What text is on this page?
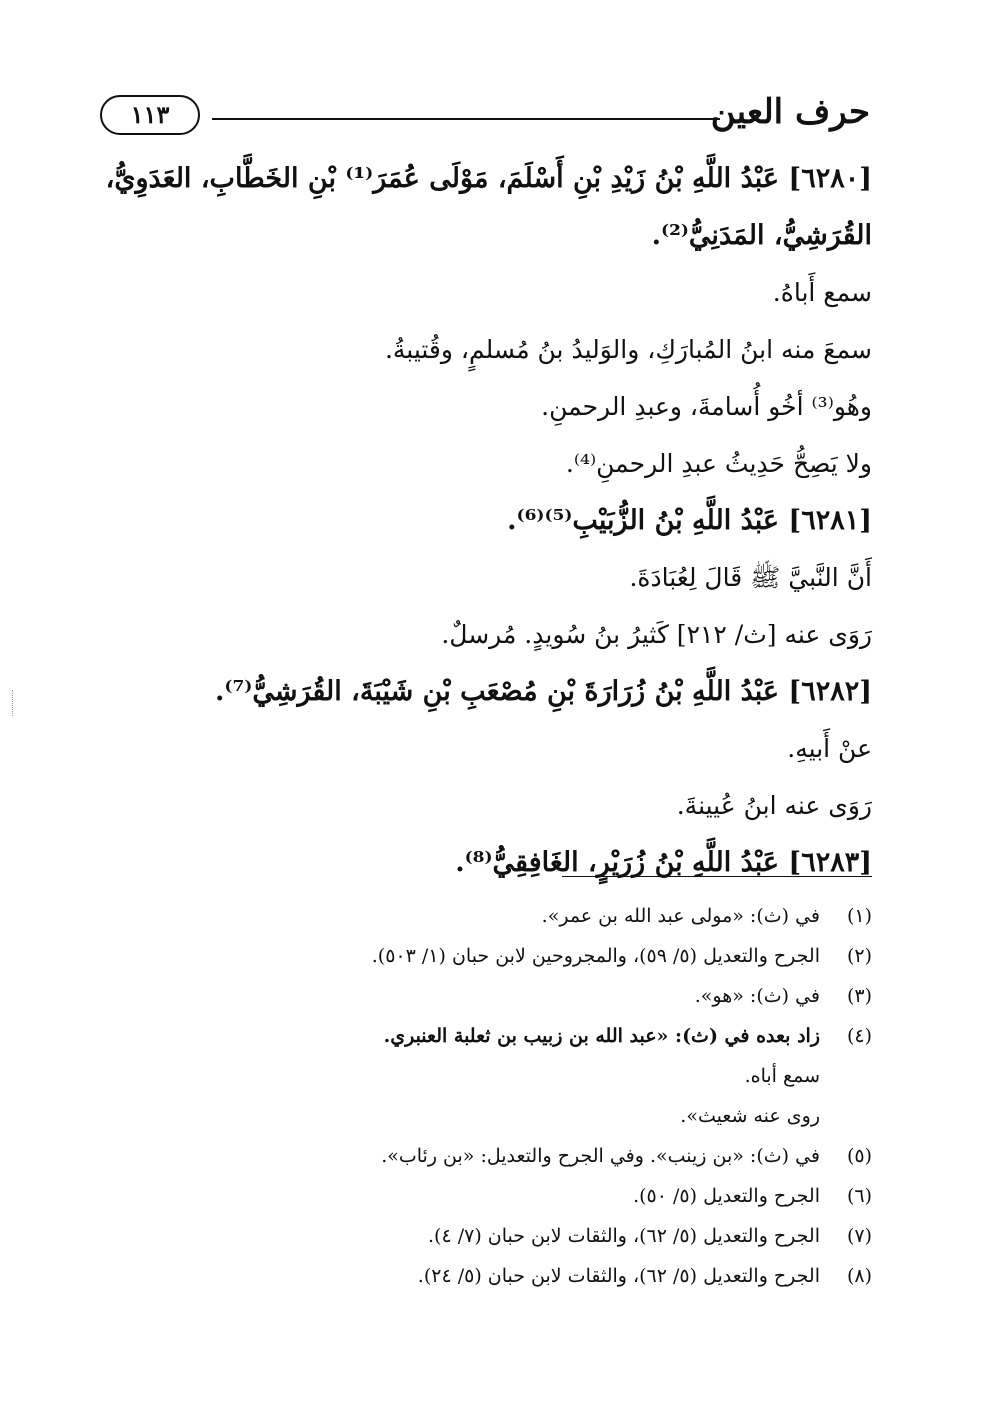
حرف العين
١١٣
[٦٢٨٠] عَبْدُ اللَّهِ بْنُ زَيْدِ بْنِ أَسْلَمَ، مَوْلَى عُمَرَ⁽¹⁾ بْنِ الخَطَّابِ، العَدَوِيُّ،
القُرَشِيُّ، المَدَنِيُّ⁽²⁾.
سمع أَباهُ.
سمعَ منه ابنُ المُبارَكِ، والوَليدُ بنُ مُسلمٍ، وقُتيبةُ.
وهُو⁽³⁾ أخُو أُسامةَ، وعبدِ الرحمنِ.
ولا يَصِحُّ حَدِيثُ عبدِ الرحمنِ⁽⁴⁾.
[٦٢٨١] عَبْدُ اللَّهِ بْنُ الزُّبَيْبِ⁽⁵⁾⁽⁶⁾.
أَنَّ النَّبيَّ ﷺ قَالَ لِعُبَادَةَ.
رَوَى عنه [ث/ ٢١٢] كَثيرُ بنُ سُويدٍ. مُرسلٌ.
[٦٢٨٢] عَبْدُ اللَّهِ بْنُ زُرَارَةَ بْنِ مُصْعَبِ بْنِ شَيْبَةَ، القُرَشِيُّ⁽⁷⁾.
عنْ أَبيهِ.
رَوَى عنه ابنُ عُيينةَ.
[٦٢٨٣] عَبْدُ اللَّهِ بْنُ زُرَيْرٍ، الغَافِقِيُّ⁽⁸⁾.
(١)في (ث): «مولى عبد الله بن عمر».
(٢)الجرح والتعديل (٥/ ٥٩)، والمجروحين لابن حبان (١/ ٥٠٣).
(٣)في (ث): «هو».
(٤)زاد بعده في (ث): «عبد الله بن زبيب بن ثعلبة العنبري.
سمع أباه.
روى عنه شعيث».
(٥)في (ث): «بن زينب». وفي الجرح والتعديل: «بن رئاب».
(٦)الجرح والتعديل (٥/ ٥٠).
(٧)الجرح والتعديل (٥/ ٦٢)، والثقات لابن حبان (٧/ ٤).
(٨)الجرح والتعديل (٥/ ٦٢)، والثقات لابن حبان (٥/ ٢٤).
